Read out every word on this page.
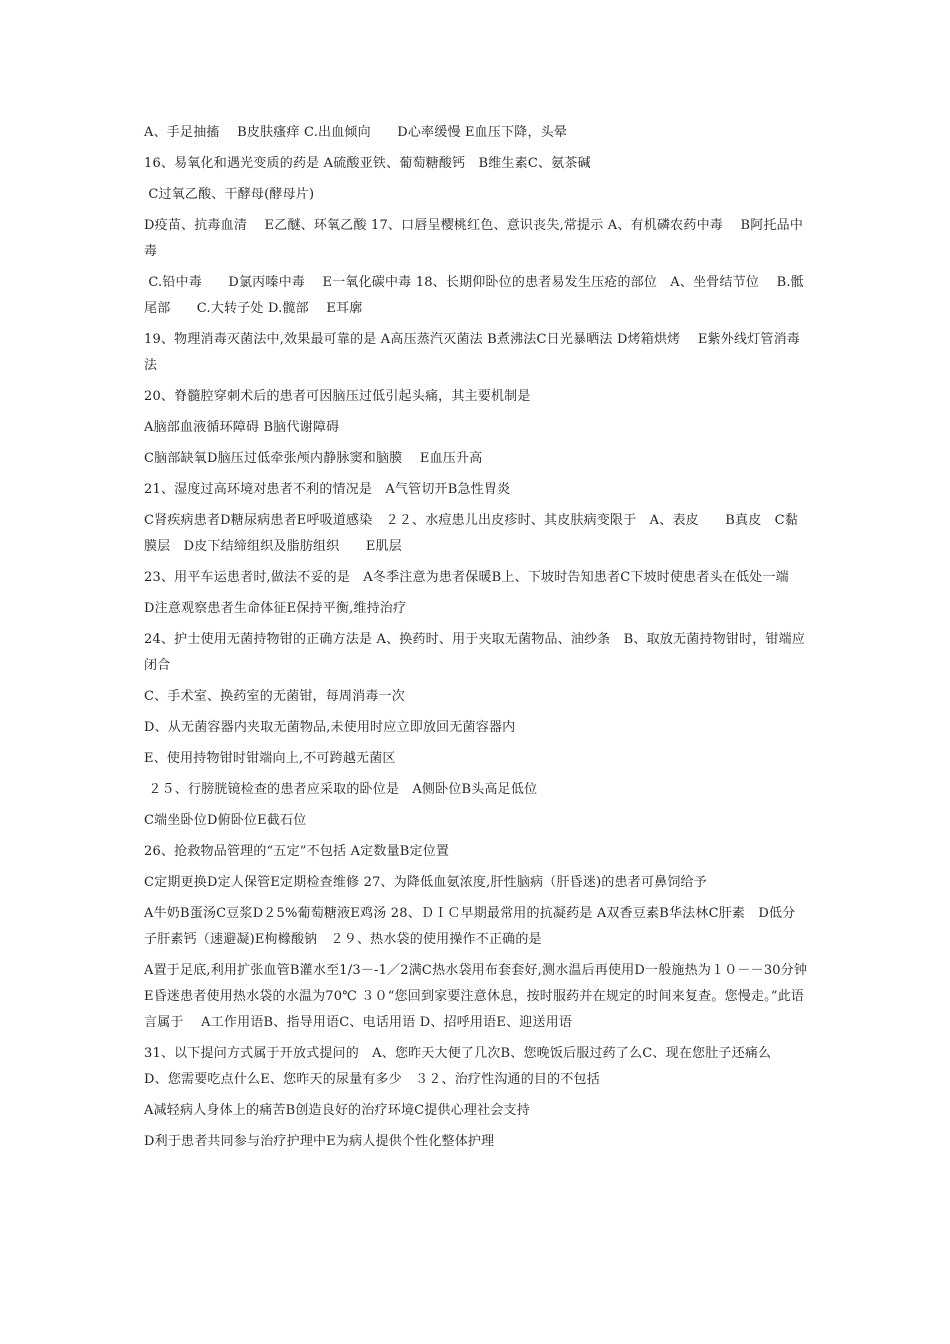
A、手足抽搐　 B皮肤瘙痒 C.出血倾向　　D心率缓慢 E血压下降，头晕

16、易氧化和遇光变质的药是 A硫酸亚铁、葡萄糖酸钙　B维生素C、氨茶碱

C过氧乙酸、干酵母(酵母片)

D疫苗、抗毒血清　 E乙醚、环氧乙酸 17、口唇呈樱桃红色、意识丧失,常提示 A、有机磷农药中毒　 B阿托品中毒

C.铅中毒　　D氯丙嗪中毒　 E一氧化碳中毒 18、长期仰卧位的患者易发生压疮的部位　A、坐骨结节位　 B.骶尾部　　C.大转子处 D.髋部　 E耳廓

19、物理消毒灭菌法中,效果最可靠的是 A高压蒸汽灭菌法 B煮沸法C日光暴晒法 D烤箱烘烤　 E紫外线灯管消毒法

20、脊髓腔穿刺术后的患者可因脑压过低引起头痛，其主要机制是

A脑部血液循环障碍 B脑代谢障碍

C脑部缺氧D脑压过低牵张颅内静脉窦和脑膜　 E血压升高

21、湿度过高环境对患者不利的情况是　A气管切开B急性胃炎

C肾疾病患者D糖尿病患者E呼吸道感染　２２、水痘患儿出皮疹时、其皮肤病变限于　A、表皮　　B真皮　C黏膜层　D皮下结缔组织及脂肪组织　　E肌层

23、用平车运患者时,做法不妥的是　A冬季注意为患者保暖B上、下坡时告知患者C下坡时使患者头在低处一端

D注意观察患者生命体征E保持平衡,维持治疗

24、护士使用无菌持物钳的正确方法是 A、换药时、用于夹取无菌物品、油纱条　B、取放无菌持物钳时，钳端应闭合

C、手术室、换药室的无菌钳，每周消毒一次

D、从无菌容器内夹取无菌物品,未使用时应立即放回无菌容器内

E、使用持物钳时钳端向上,不可跨越无菌区

２５、行膀胱镜检查的患者应采取的卧位是　A侧卧位B头高足低位

C端坐卧位D俯卧位E截石位

26、抢救物品管理的“五定”不包括 A定数量B定位置

C定期更换D定人保管E定期检查维修 27、为降低血氨浓度,肝性脑病（肝昏迷)的患者可鼻饲给予

A牛奶B蛋汤C豆浆D２5%葡萄糖液E鸡汤 28、ＤＩＣ早期最常用的抗凝药是 A双香豆素B华法林C肝素　D低分子肝素钙（速避凝)E枸橼酸钠　２９、热水袋的使用操作不正确的是

A置于足底,利用扩张血管B灌水至1/3－-1／2满C热水袋用布套套好,测水温后再使用D一般施热为１０－－30分钟　E昏迷患者使用热水袋的水温为70℃ ３０“您回到家要注意休息，按时服药并在规定的时间来复查。您慢走。”此语言属于　 A工作用语B、指导用语C、电话用语 D、招呼用语E、迎送用语

31、以下提问方式属于开放式提问的　A、您昨天大便了几次B、您晚饭后服过药了么C、现在您肚子还痛么　D、您需要吃点什么E、您昨天的尿量有多少　３２、治疗性沟通的目的不包括

A减轻病人身体上的痛苦B创造良好的治疗环境C提供心理社会支持

D利于患者共同参与治疗护理中E为病人提供个性化整体护理
